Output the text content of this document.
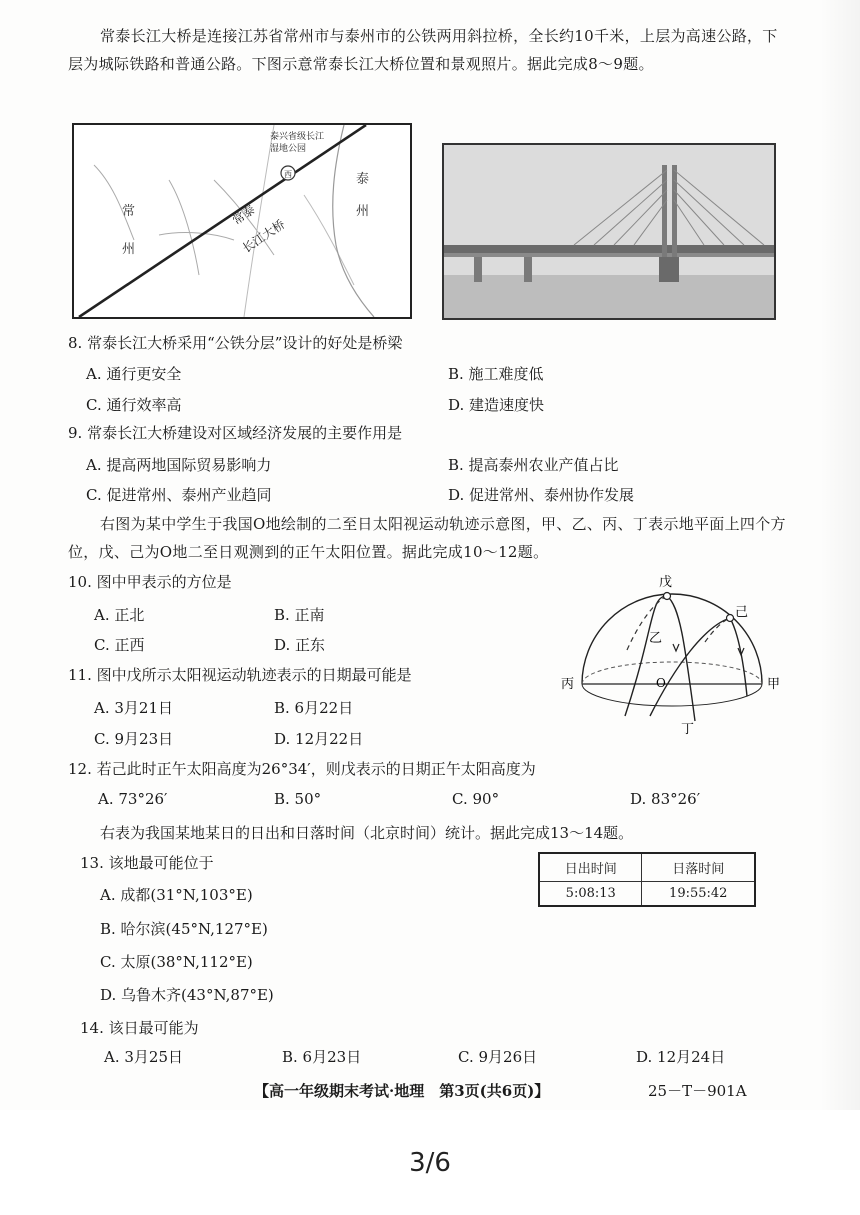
常泰长江大桥是连接江苏省常州市与泰州市的公铁两用斜拉桥，全长约10千米，上层为高速公路，下层为城际铁路和普通公路。下图示意常泰长江大桥位置和景观照片。据此完成8～9题。
西
常
州
泰
州
泰兴省级长江
湿地公园
常泰
长江大桥
8. 常泰长江大桥采用“公铁分层”设计的好处是桥梁
A. 通行更安全	B. 施工难度低
C. 通行效率高	D. 建造速度快
9. 常泰长江大桥建设对区域经济发展的主要作用是
A. 提高两地国际贸易影响力	B. 提高泰州农业产值占比
C. 促进常州、泰州产业趋同	D. 促进常州、泰州协作发展
右图为某中学生于我国O地绘制的二至日太阳视运动轨迹示意图，甲、乙、丙、丁表示地平面上四个方位，戊、己为O地二至日观测到的正午太阳位置。据此完成10～12题。
10. 图中甲表示的方位是
A. 正北	B. 正南
C. 正西	D. 正东
戊
己
乙
丙	甲
丁
O
11. 图中戊所示太阳视运动轨迹表示的日期最可能是
A. 3月21日	B. 6月22日
C. 9月23日	D. 12月22日
12. 若己此时正午太阳高度为26°34′，则戊表示的日期正午太阳高度为
A. 73°26′	B. 50°	C. 90°	D. 83°26′
右表为我国某地某日的日出和日落时间（北京时间）统计。据此完成13～14题。
13. 该地最可能位于
A. 成都(31°N,103°E)
B. 哈尔滨(45°N,127°E)
C. 太原(38°N,112°E)
D. 乌鲁木齐(43°N,87°E)
日出时间	日落时间
5:08:13	19:55:42
14. 该日最可能为
A. 3月25日	B. 6月23日	C. 9月26日	D. 12月24日
【高一年级期末考试·地理　第3页(共6页)】	25－T－901A
3/6
